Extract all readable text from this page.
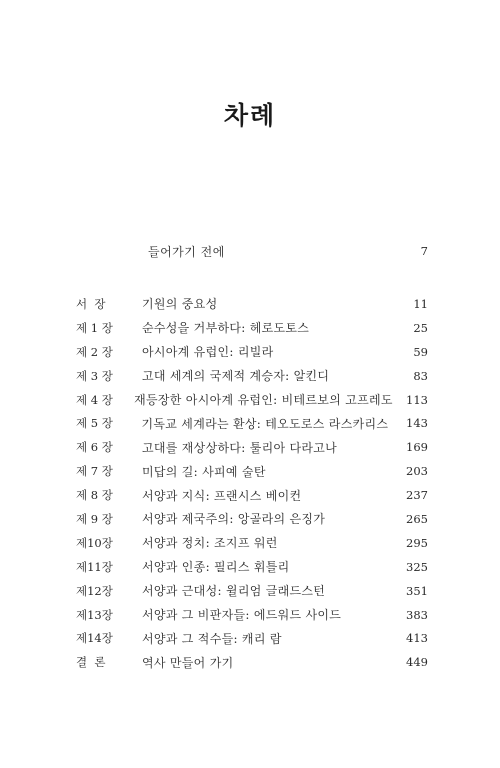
차례
들어가기 전에	7
서  장	기원의 중요성	11
제 1 장	순수성을 거부하다: 헤로도토스	25
제 2 장	아시아계 유럽인: 리빌라	59
제 3 장	고대 세계의 국제적 계승자: 알킨디	83
제 4 장	재등장한 아시아계 유럽인: 비테르보의 고프레도	113
제 5 장	기독교 세계라는 환상: 테오도로스 라스카리스	143
제 6 장	고대를 재상상하다: 툴리아 다라고나	169
제 7 장	미답의 길: 사피예 술탄	203
제 8 장	서양과 지식: 프랜시스 베이컨	237
제 9 장	서양과 제국주의: 앙골라의 은징가	265
제10장	서양과 정치: 조지프 워런	295
제11장	서양과 인종: 필리스 휘틀리	325
제12장	서양과 근대성: 윌리엄 글래드스턴	351
제13장	서양과 그 비판자들: 에드워드 사이드	383
제14장	서양과 그 적수들: 캐리 람	413
결  론	역사 만들어 가기	449
